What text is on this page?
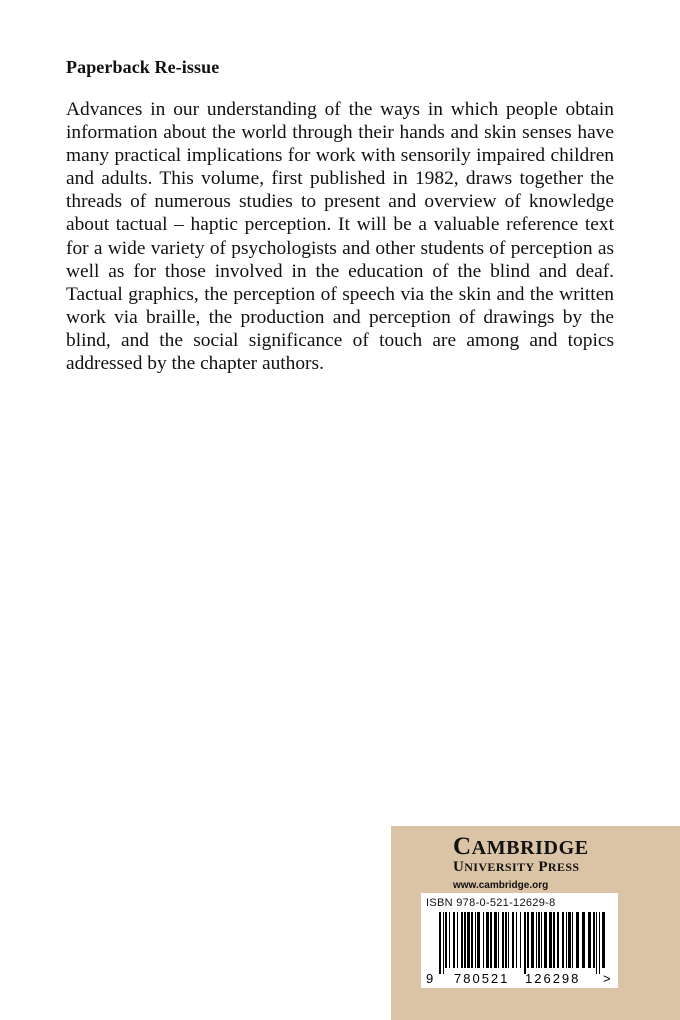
Paperback Re-issue

Advances in our understanding of the ways in which people obtain information about the world through their hands and skin senses have many practical implications for work with sensorily impaired children and adults. This volume, first published in 1982, draws together the threads of numerous studies to present and overview of knowledge about tactual – haptic perception. It will be a valuable reference text for a wide variety of psychologists and other students of perception as well as for those involved in the education of the blind and deaf. Tactual graphics, the perception of speech via the skin and the written work via braille, the production and perception of drawings by the blind, and the social significance of touch are among and topics addressed by the chapter authors.

CAMBRIDGE
UNIVERSITY PRESS
www.cambridge.org
ISBN 978-0-521-12629-8
9 780521 126298 >
